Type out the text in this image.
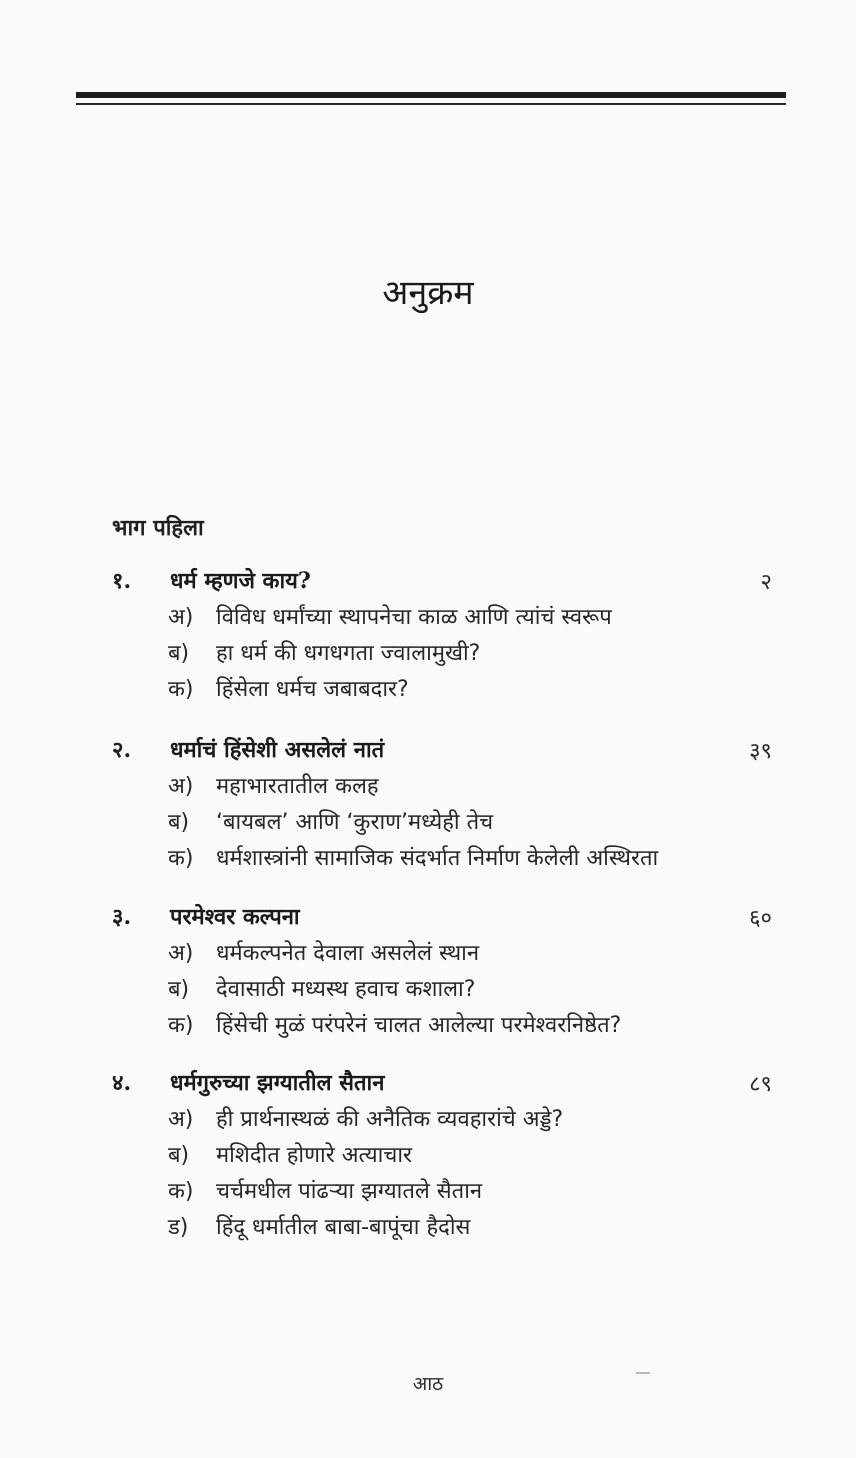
अनुक्रम
भाग पहिला
१.	धर्म म्हणजे काय?	२
अ)	विविध धर्मांच्या स्थापनेचा काळ आणि त्यांचं स्वरूप
ब)	हा धर्म की धगधगता ज्वालामुखी?
क)	हिंसेला धर्मच जबाबदार?
२.	धर्माचं हिंसेशी असलेलं नातं	३९
अ)	महाभारतातील कलह
ब)	‘बायबल’ आणि ‘कुराण’मध्येही तेच
क)	धर्मशास्त्रांनी सामाजिक संदर्भात निर्माण केलेली अस्थिरता
३.	परमेश्वर कल्पना	६०
अ)	धर्मकल्पनेत देवाला असलेलं स्थान
ब)	देवासाठी मध्यस्थ हवाच कशाला?
क)	हिंसेची मुळं परंपरेनं चालत आलेल्या परमेश्वरनिष्ठेत?
४.	धर्मगुरुच्या झग्यातील सैतान	८९
अ)	ही प्रार्थनास्थळं की अनैतिक व्यवहारांचे अड्डे?
ब)	मशिदीत होणारे अत्याचार
क)	चर्चमधील पांढऱ्या झग्यातले सैतान
ड)	हिंदू धर्मातील बाबा-बापूंचा हैदोस
आठ
